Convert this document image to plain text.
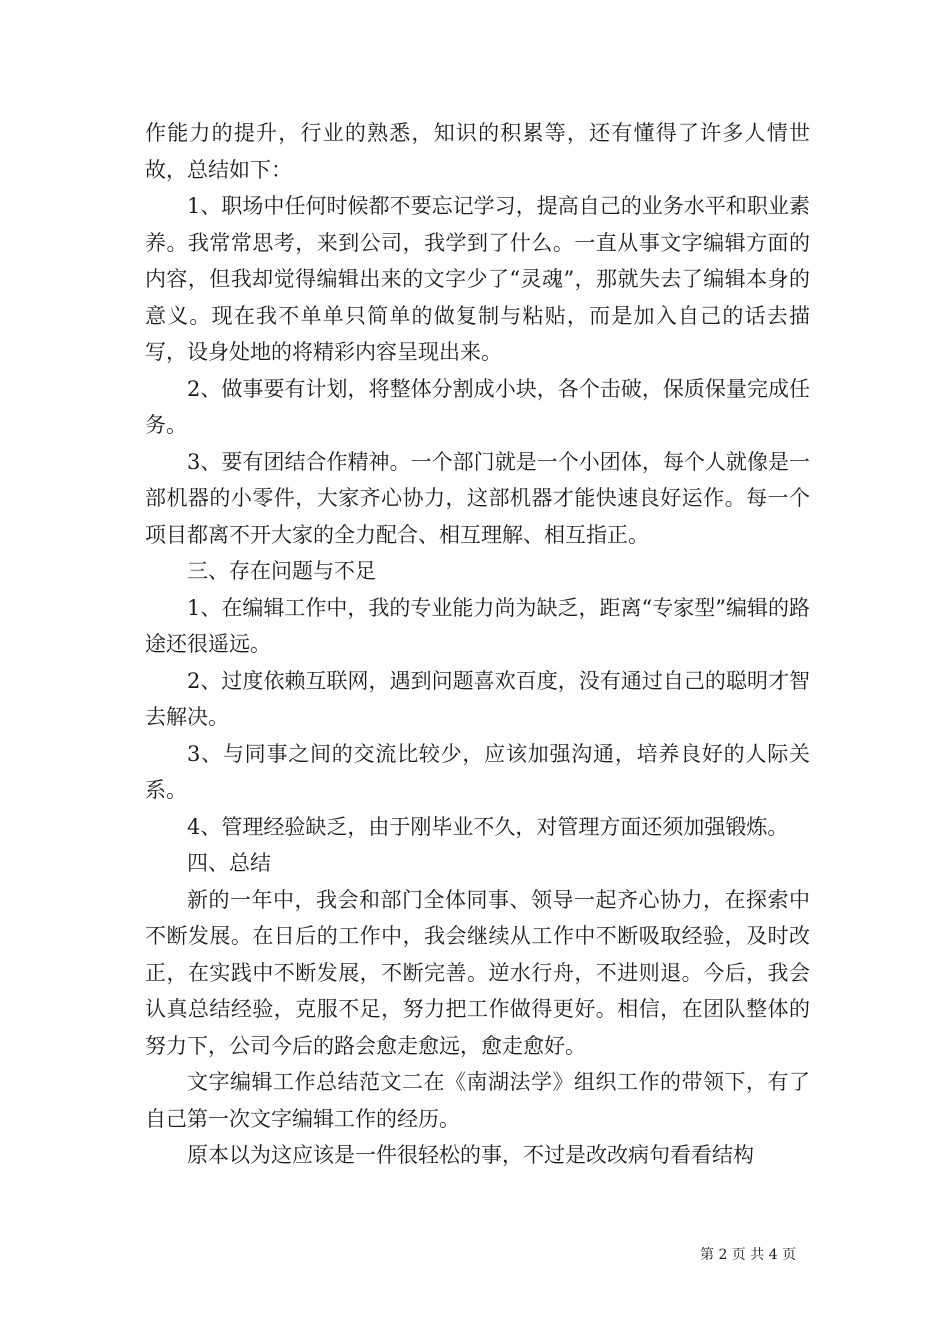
作能力的提升，行业的熟悉，知识的积累等，还有懂得了许多人情世故，总结如下：

1、职场中任何时候都不要忘记学习，提高自己的业务水平和职业素养。我常常思考，来到公司，我学到了什么。一直从事文字编辑方面的内容，但我却觉得编辑出来的文字少了“灵魂”，那就失去了编辑本身的意义。现在我不单单只简单的做复制与粘贴，而是加入自己的话去描写，设身处地的将精彩内容呈现出来。

2、做事要有计划，将整体分割成小块，各个击破，保质保量完成任务。

3、要有团结合作精神。一个部门就是一个小团体，每个人就像是一部机器的小零件，大家齐心协力，这部机器才能快速良好运作。每一个项目都离不开大家的全力配合、相互理解、相互指正。

三、存在问题与不足

1、在编辑工作中，我的专业能力尚为缺乏，距离“专家型”编辑的路途还很遥远。

2、过度依赖互联网，遇到问题喜欢百度，没有通过自己的聪明才智去解决。

3、与同事之间的交流比较少，应该加强沟通，培养良好的人际关系。

4、管理经验缺乏，由于刚毕业不久，对管理方面还须加强锻炼。

四、总结

新的一年中，我会和部门全体同事、领导一起齐心协力，在探索中不断发展。在日后的工作中，我会继续从工作中不断吸取经验，及时改正，在实践中不断发展，不断完善。逆水行舟，不进则退。今后，我会认真总结经验，克服不足，努力把工作做得更好。相信，在团队整体的努力下，公司今后的路会愈走愈远，愈走愈好。

文字编辑工作总结范文二在《南湖法学》组织工作的带领下，有了自己第一次文字编辑工作的经历。

原本以为这应该是一件很轻松的事，不过是改改病句看看结构

第 2 页 共 4 页
